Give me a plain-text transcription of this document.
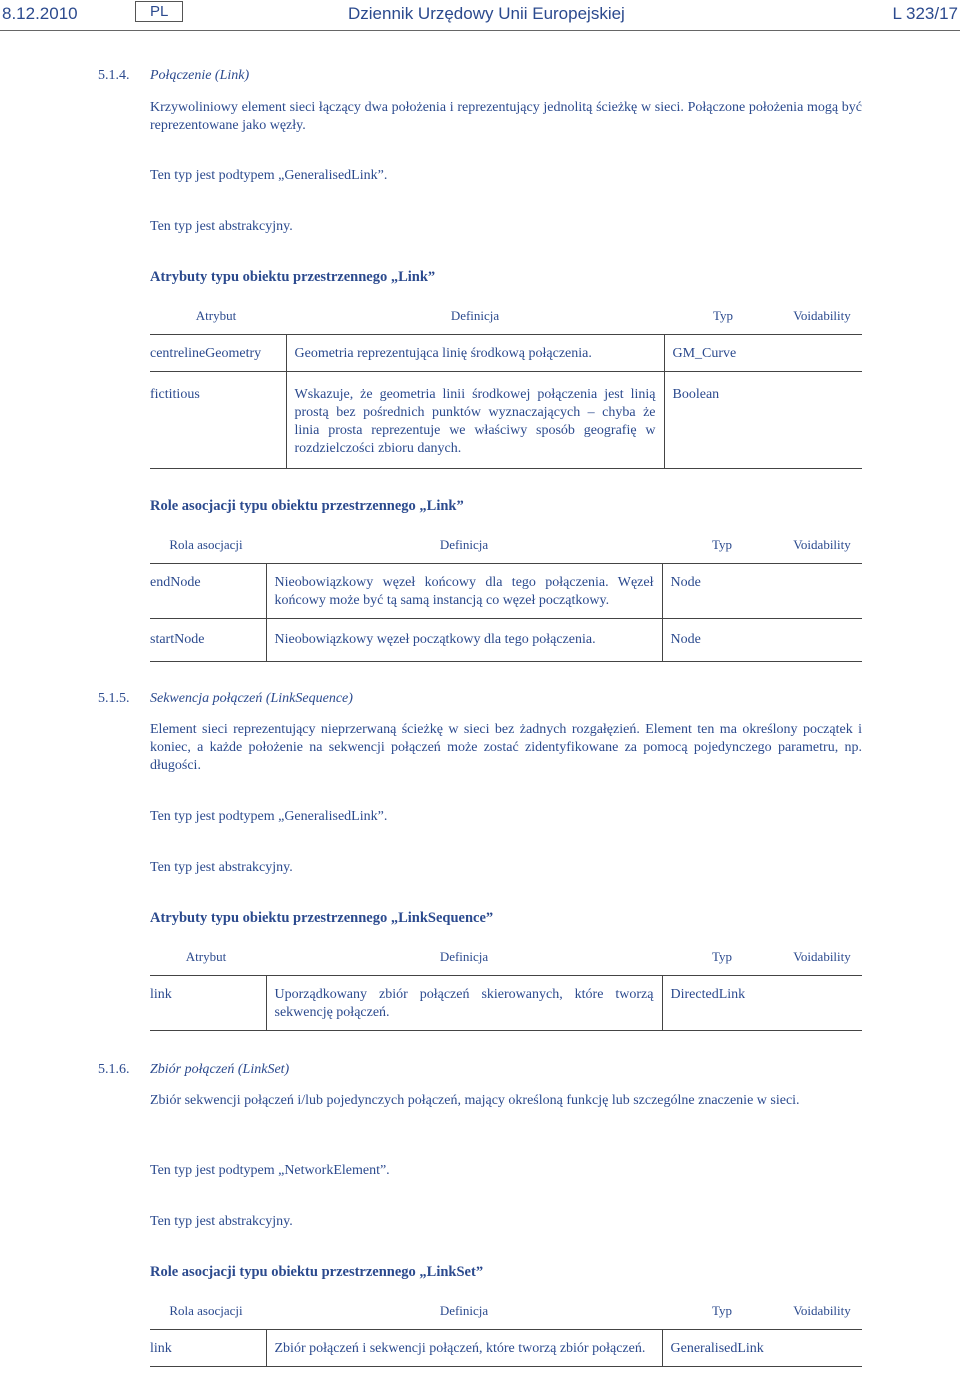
8.12.2010	PL	Dziennik Urzędowy Unii Europejskiej	L 323/17
5.1.4. Połączenie (Link)
Krzywoliniowy element sieci łączący dwa położenia i reprezentujący jednolitą ścieżkę w sieci. Połączone położenia mogą być reprezentowane jako węzły.
Ten typ jest podtypem „GeneralisedLink”.
Ten typ jest abstrakcyjny.
Atrybuty typu obiektu przestrzennego „Link”
Atrybut	Definicja	Typ	Voidability
centrelineGeometry	Geometria reprezentująca linię środkową połączenia.	GM_Curve	
fictitious	Wskazuje, że geometria linii środkowej połączenia jest linią prostą bez pośrednich punktów wyznaczających – chyba że linia prosta reprezentuje we właściwy sposób geografię w rozdzielczości zbioru danych.	Boolean	
Role asocjacji typu obiektu przestrzennego „Link”
Rola asocjacji	Definicja	Typ	Voidability
endNode	Nieobowiązkowy węzeł końcowy dla tego połączenia. Węzeł końcowy może być tą samą instancją co węzeł początkowy.	Node	
startNode	Nieobowiązkowy węzeł początkowy dla tego połączenia.	Node	
5.1.5. Sekwencja połączeń (LinkSequence)
Element sieci reprezentujący nieprzerwaną ścieżkę w sieci bez żadnych rozgałęzień. Element ten ma określony początek i koniec, a każde położenie na sekwencji połączeń może zostać zidentyfikowane za pomocą pojedynczego parametru, np. długości.
Ten typ jest podtypem „GeneralisedLink”.
Ten typ jest abstrakcyjny.
Atrybuty typu obiektu przestrzennego „LinkSequence”
Atrybut	Definicja	Typ	Voidability
link	Uporządkowany zbiór połączeń skierowanych, które tworzą sekwencję połączeń.	DirectedLink	
5.1.6. Zbiór połączeń (LinkSet)
Zbiór sekwencji połączeń i/lub pojedynczych połączeń, mający określoną funkcję lub szczególne znaczenie w sieci.
Ten typ jest podtypem „NetworkElement”.
Ten typ jest abstrakcyjny.
Role asocjacji typu obiektu przestrzennego „LinkSet”
Rola asocjacji	Definicja	Typ	Voidability
link	Zbiór połączeń i sekwencji połączeń, które tworzą zbiór połączeń.	GeneralisedLink	
